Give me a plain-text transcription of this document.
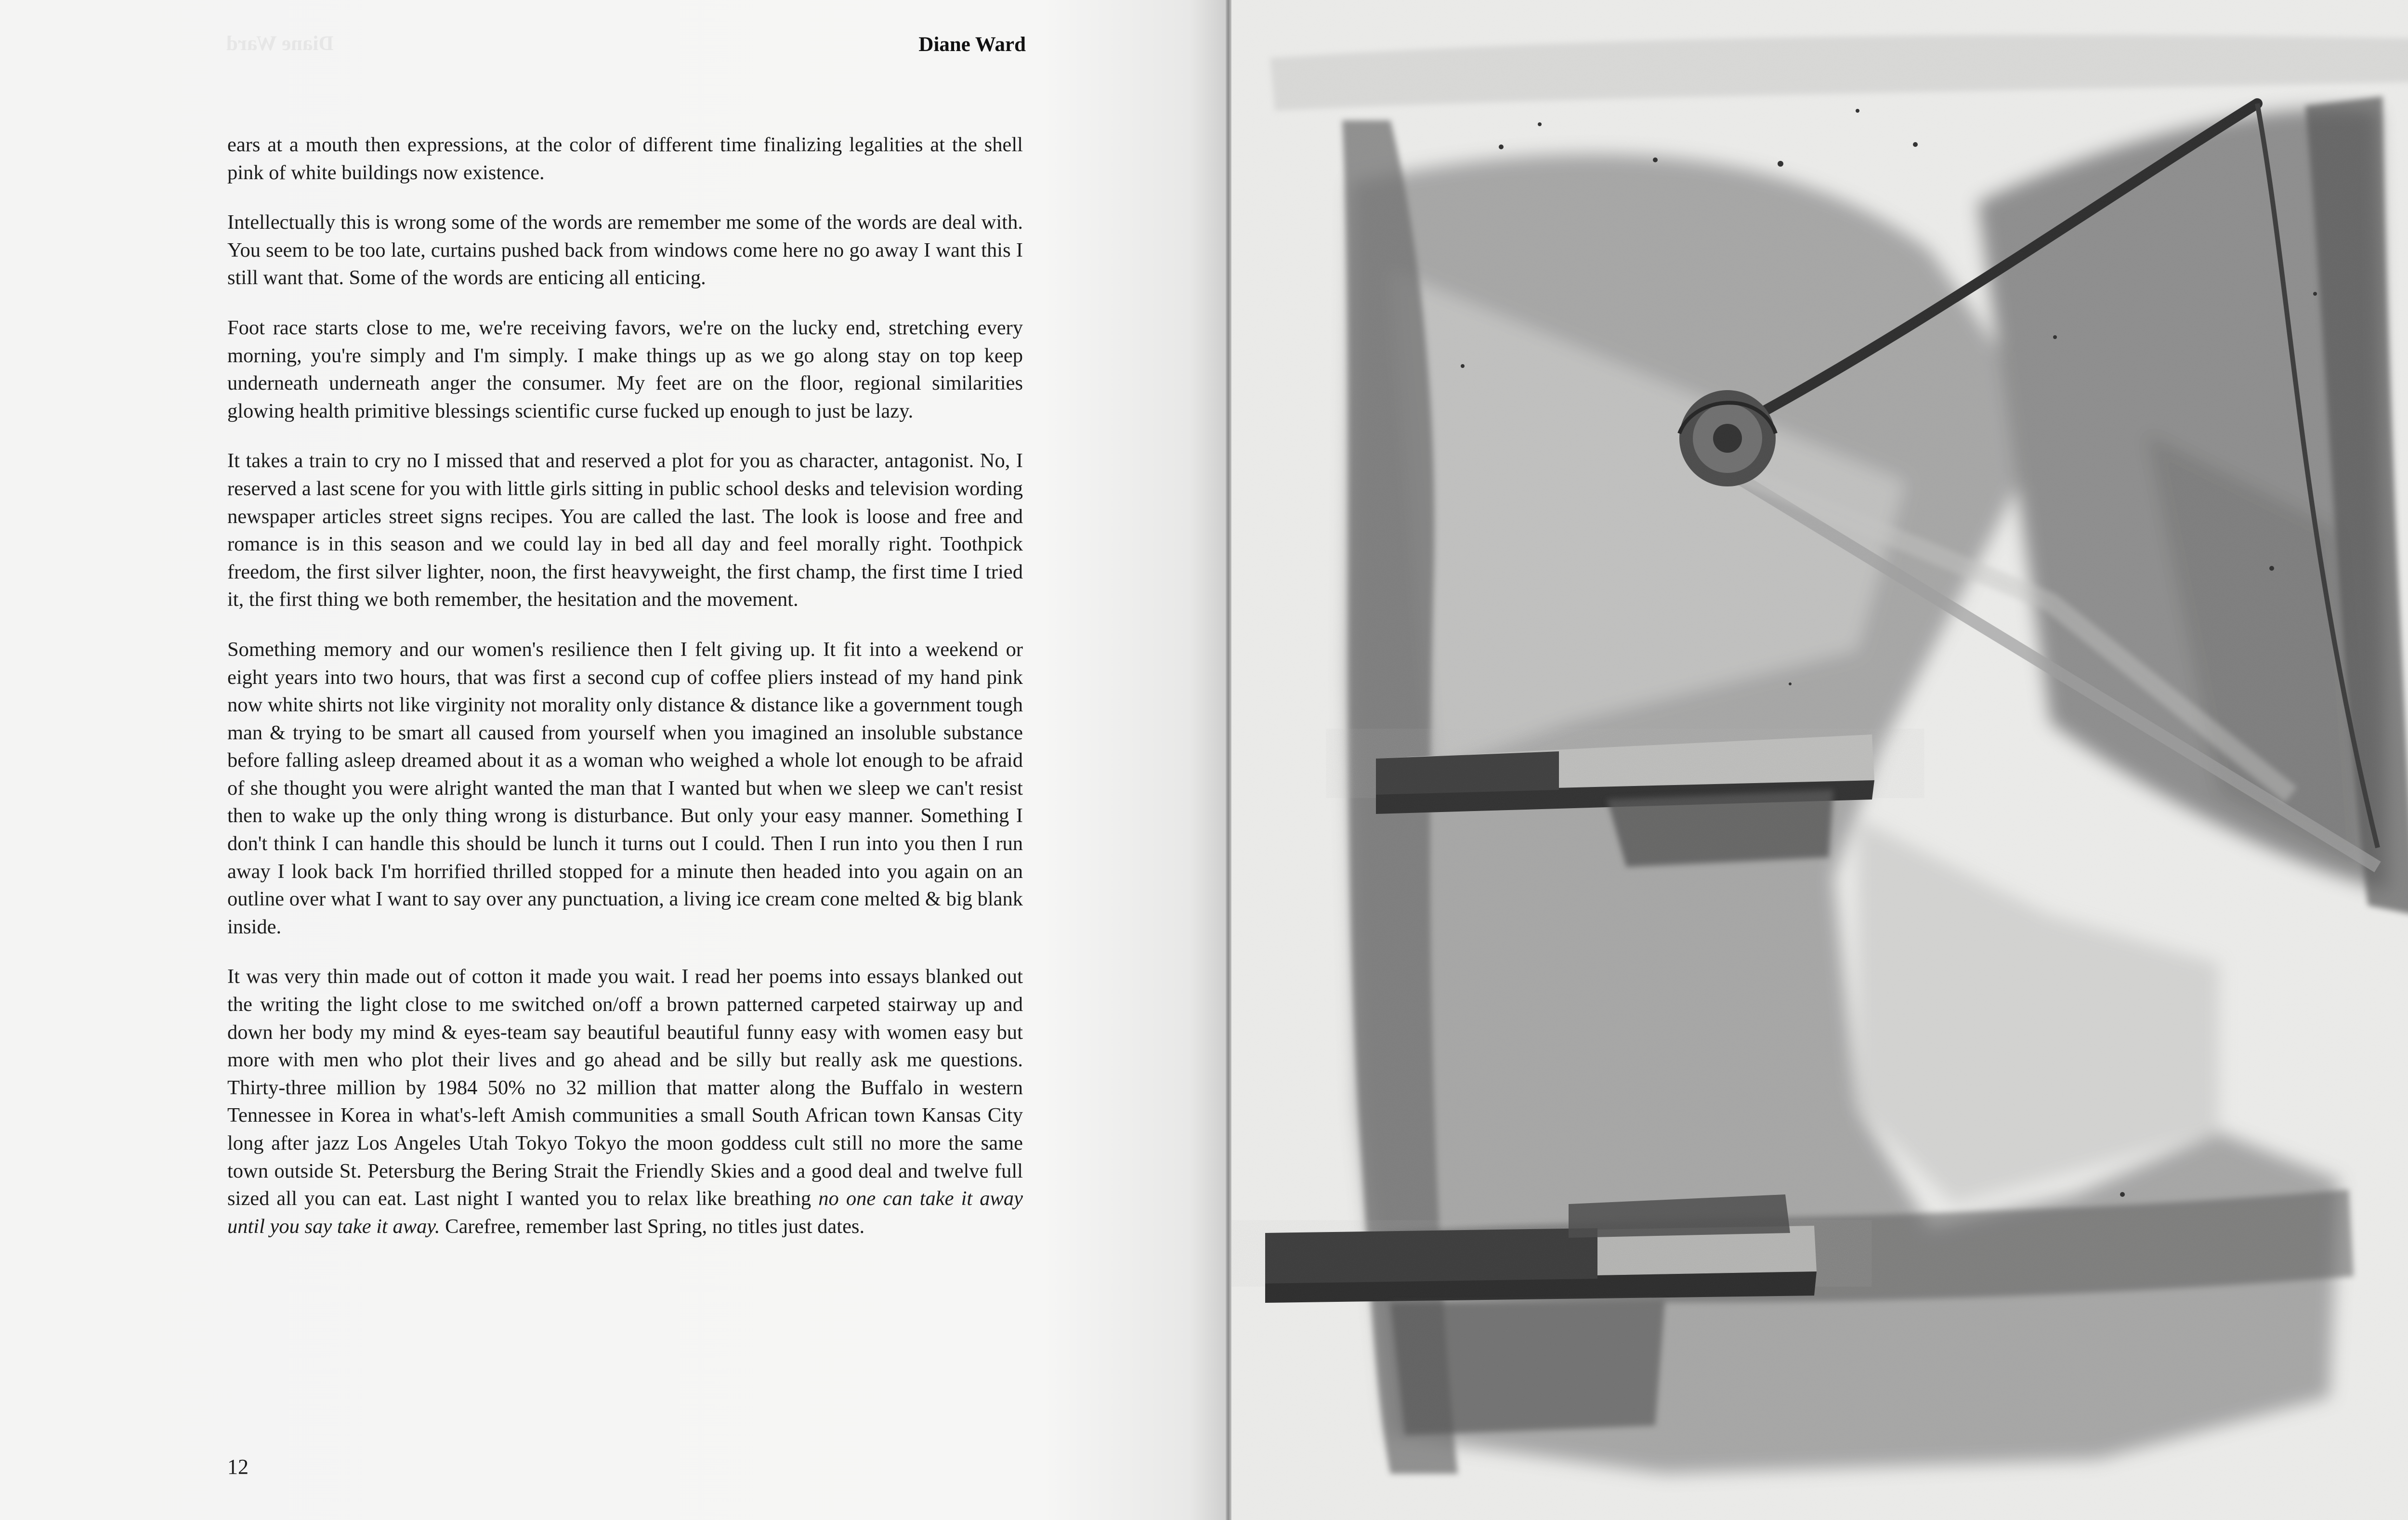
Diane Ward	Diane Ward

ears at a mouth then expressions, at the color of different time finalizing legalities at the shell pink of white buildings now existence.

Intellectually this is wrong some of the words are remember me some of the words are deal with. You seem to be too late, curtains pushed back from windows come here no go away I want this I still want that. Some of the words are enticing all enticing.

Foot race starts close to me, we're receiving favors, we're on the lucky end, stretching every morning, you're simply and I'm simply. I make things up as we go along stay on top keep underneath underneath anger the consumer. My feet are on the floor, regional similarities glowing health primitive blessings scientific curse fucked up enough to just be lazy.

It takes a train to cry no I missed that and reserved a plot for you as character, antagonist. No, I reserved a last scene for you with little girls sitting in public school desks and television wording newspaper articles street signs recipes. You are called the last. The look is loose and free and romance is in this season and we could lay in bed all day and feel morally right. Toothpick freedom, the first silver lighter, noon, the first heavyweight, the first champ, the first time I tried it, the first thing we both remember, the hesitation and the movement.

Something memory and our women's resilience then I felt giving up. It fit into a weekend or eight years into two hours, that was first a second cup of coffee pliers instead of my hand pink now white shirts not like virginity not morality only distance & distance like a government tough man & trying to be smart all caused from yourself when you imagined an insoluble substance before falling asleep dreamed about it as a woman who weighed a whole lot enough to be afraid of she thought you were alright wanted the man that I wanted but when we sleep we can't resist then to wake up the only thing wrong is disturbance. But only your easy manner. Something I don't think I can handle this should be lunch it turns out I could. Then I run into you then I run away I look back I'm horrified thrilled stopped for a minute then headed into you again on an outline over what I want to say over any punctuation, a living ice cream cone melted & big blank inside.

It was very thin made out of cotton it made you wait. I read her poems into essays blanked out the writing the light close to me switched on/off a brown patterned carpeted stairway up and down her body my mind & eyes-team say beautiful beautiful funny easy with women easy but more with men who plot their lives and go ahead and be silly but really ask me questions. Thirty-three million by 1984 50% no 32 million that matter along the Buffalo in western Tennessee in Korea in what's-left Amish communities a small South African town Kansas City long after jazz Los Angeles Utah Tokyo Tokyo the moon goddess cult still no more the same town outside St. Petersburg the Bering Strait the Friendly Skies and a good deal and twelve full sized all you can eat. Last night I wanted you to relax like breathing no one can take it away until you say take it away. Carefree, remember last Spring, no titles just dates.

12
